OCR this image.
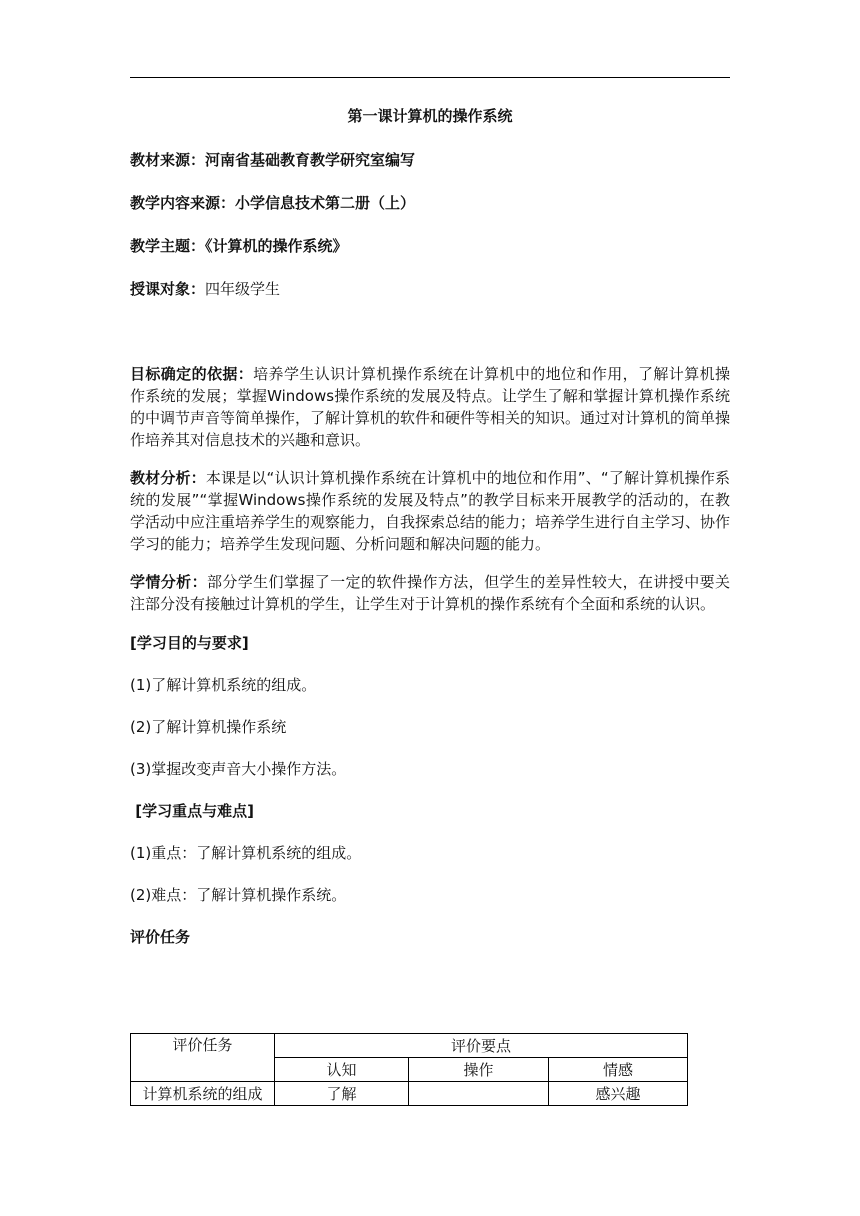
第一课计算机的操作系统

教材来源：河南省基础教育教学研究室编写

教学内容来源：小学信息技术第二册（上）

教学主题：《计算机的操作系统》

授课对象：四年级学生

目标确定的依据：培养学生认识计算机操作系统在计算机中的地位和作用，了解计算机操作系统的发展；掌握Windows操作系统的发展及特点。让学生了解和掌握计算机操作系统的中调节声音等简单操作，了解计算机的软件和硬件等相关的知识。通过对计算机的简单操作培养其对信息技术的兴趣和意识。

教材分析：本课是以“认识计算机操作系统在计算机中的地位和作用”、“了解计算机操作系统的发展”“掌握Windows操作系统的发展及特点”的教学目标来开展教学的活动的，在教学活动中应注重培养学生的观察能力，自我探索总结的能力；培养学生进行自主学习、协作学习的能力；培养学生发现问题、分析问题和解决问题的能力。

学情分析：部分学生们掌握了一定的软件操作方法，但学生的差异性较大，在讲授中要关注部分没有接触过计算机的学生，让学生对于计算机的操作系统有个全面和系统的认识。

[学习目的与要求]

(1)了解计算机系统的组成。

(2)了解计算机操作系统

(3)掌握改变声音大小操作方法。

[学习重点与难点]

(1)重点：了解计算机系统的组成。

(2)难点：了解计算机操作系统。

评价任务

评价任务	评价要点		
	认知	操作	情感
计算机系统的组成	了解		感兴趣
